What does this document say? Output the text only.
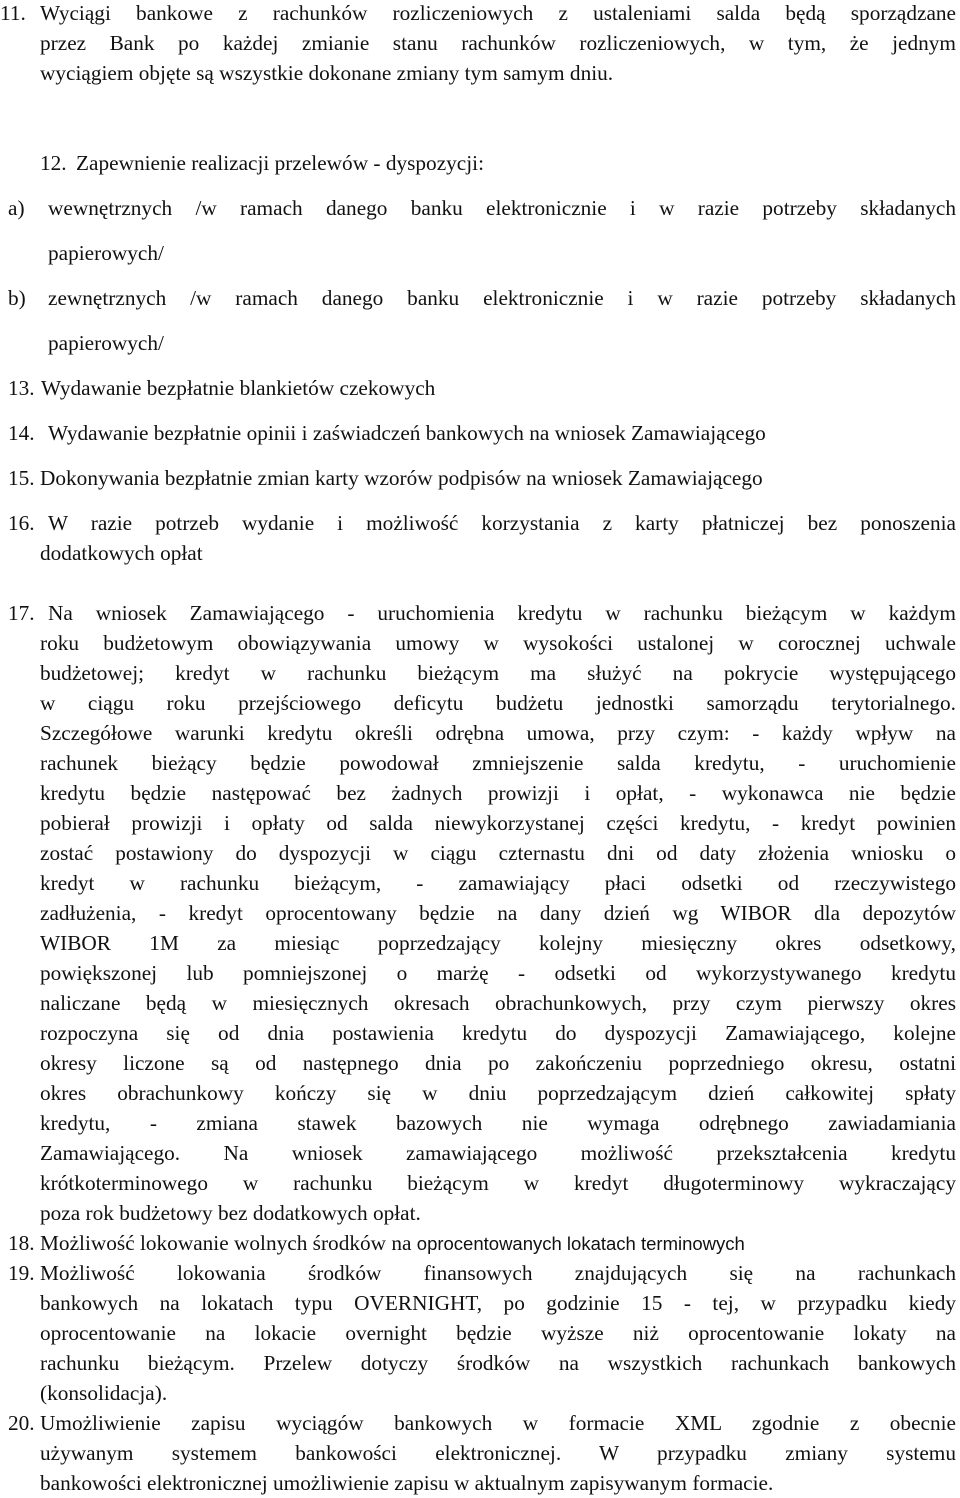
11. Wyciągi bankowe z rachunków rozliczeniowych z ustaleniami salda będą sporządzane
przez Bank po każdej zmianie stanu rachunków rozliczeniowych, w tym, że jednym
wyciągiem objęte są wszystkie dokonane zmiany tym samym dniu.
12. Zapewnienie realizacji przelewów - dyspozycji:
a) wewnętrznych /w ramach danego banku elektronicznie i w razie potrzeby składanych
papierowych/
b) zewnętrznych /w ramach danego banku elektronicznie i w razie potrzeby składanych
papierowych/
13. Wydawanie bezpłatnie blankietów czekowych
14. Wydawanie bezpłatnie opinii i zaświadczeń bankowych na wniosek Zamawiającego
15. Dokonywania bezpłatnie zmian karty wzorów podpisów na wniosek Zamawiającego
16. W razie potrzeb wydanie i możliwość korzystania z karty płatniczej bez ponoszenia
dodatkowych opłat
17. Na wniosek Zamawiającego - uruchomienia kredytu w rachunku bieżącym w każdym
roku budżetowym obowiązywania umowy w wysokości ustalonej w corocznej uchwale
budżetowej; kredyt w rachunku bieżącym ma służyć na pokrycie występującego
w ciągu roku przejściowego deficytu budżetu jednostki samorządu terytorialnego.
Szczegółowe warunki kredytu określi odrębna umowa, przy czym: - każdy wpływ na
rachunek bieżący będzie powodował zmniejszenie salda kredytu, - uruchomienie
kredytu będzie następować bez żadnych prowizji i opłat, - wykonawca nie będzie
pobierał prowizji i opłaty od salda niewykorzystanej części kredytu, - kredyt powinien
zostać postawiony do dyspozycji w ciągu czternastu dni od daty złożenia wniosku o
kredyt w rachunku bieżącym, - zamawiający płaci odsetki od rzeczywistego
zadłużenia, - kredyt oprocentowany będzie na dany dzień wg WIBOR dla depozytów
WIBOR 1M za miesiąc poprzedzający kolejny miesięczny okres odsetkowy,
powiększonej lub pomniejszonej o marżę - odsetki od wykorzystywanego kredytu
naliczane będą w miesięcznych okresach obrachunkowych, przy czym pierwszy okres
rozpoczyna się od dnia postawienia kredytu do dyspozycji Zamawiającego, kolejne
okresy liczone są od następnego dnia po zakończeniu poprzedniego okresu, ostatni
okres obrachunkowy kończy się w dniu poprzedzającym dzień całkowitej spłaty
kredytu, - zmiana stawek bazowych nie wymaga odrębnego zawiadamiania
Zamawiającego. Na wniosek zamawiającego możliwość przekształcenia kredytu
krótkoterminowego w rachunku bieżącym w kredyt długoterminowy wykraczający
poza rok budżetowy bez dodatkowych opłat.
18. Możliwość lokowanie wolnych środków na oprocentowanych lokatach terminowych
19. Możliwość lokowania środków finansowych znajdujących się na rachunkach
bankowych na lokatach typu OVERNIGHT, po godzinie 15 - tej, w przypadku kiedy
oprocentowanie na lokacie overnight będzie wyższe niż oprocentowanie lokaty na
rachunku bieżącym. Przelew dotyczy środków na wszystkich rachunkach bankowych
(konsolidacja).
20. Umożliwienie zapisu wyciągów bankowych w formacie XML zgodnie z obecnie
używanym systemem bankowości elektronicznej. W przypadku zmiany systemu
bankowości elektronicznej umożliwienie zapisu w aktualnym zapisywanym formacie.
